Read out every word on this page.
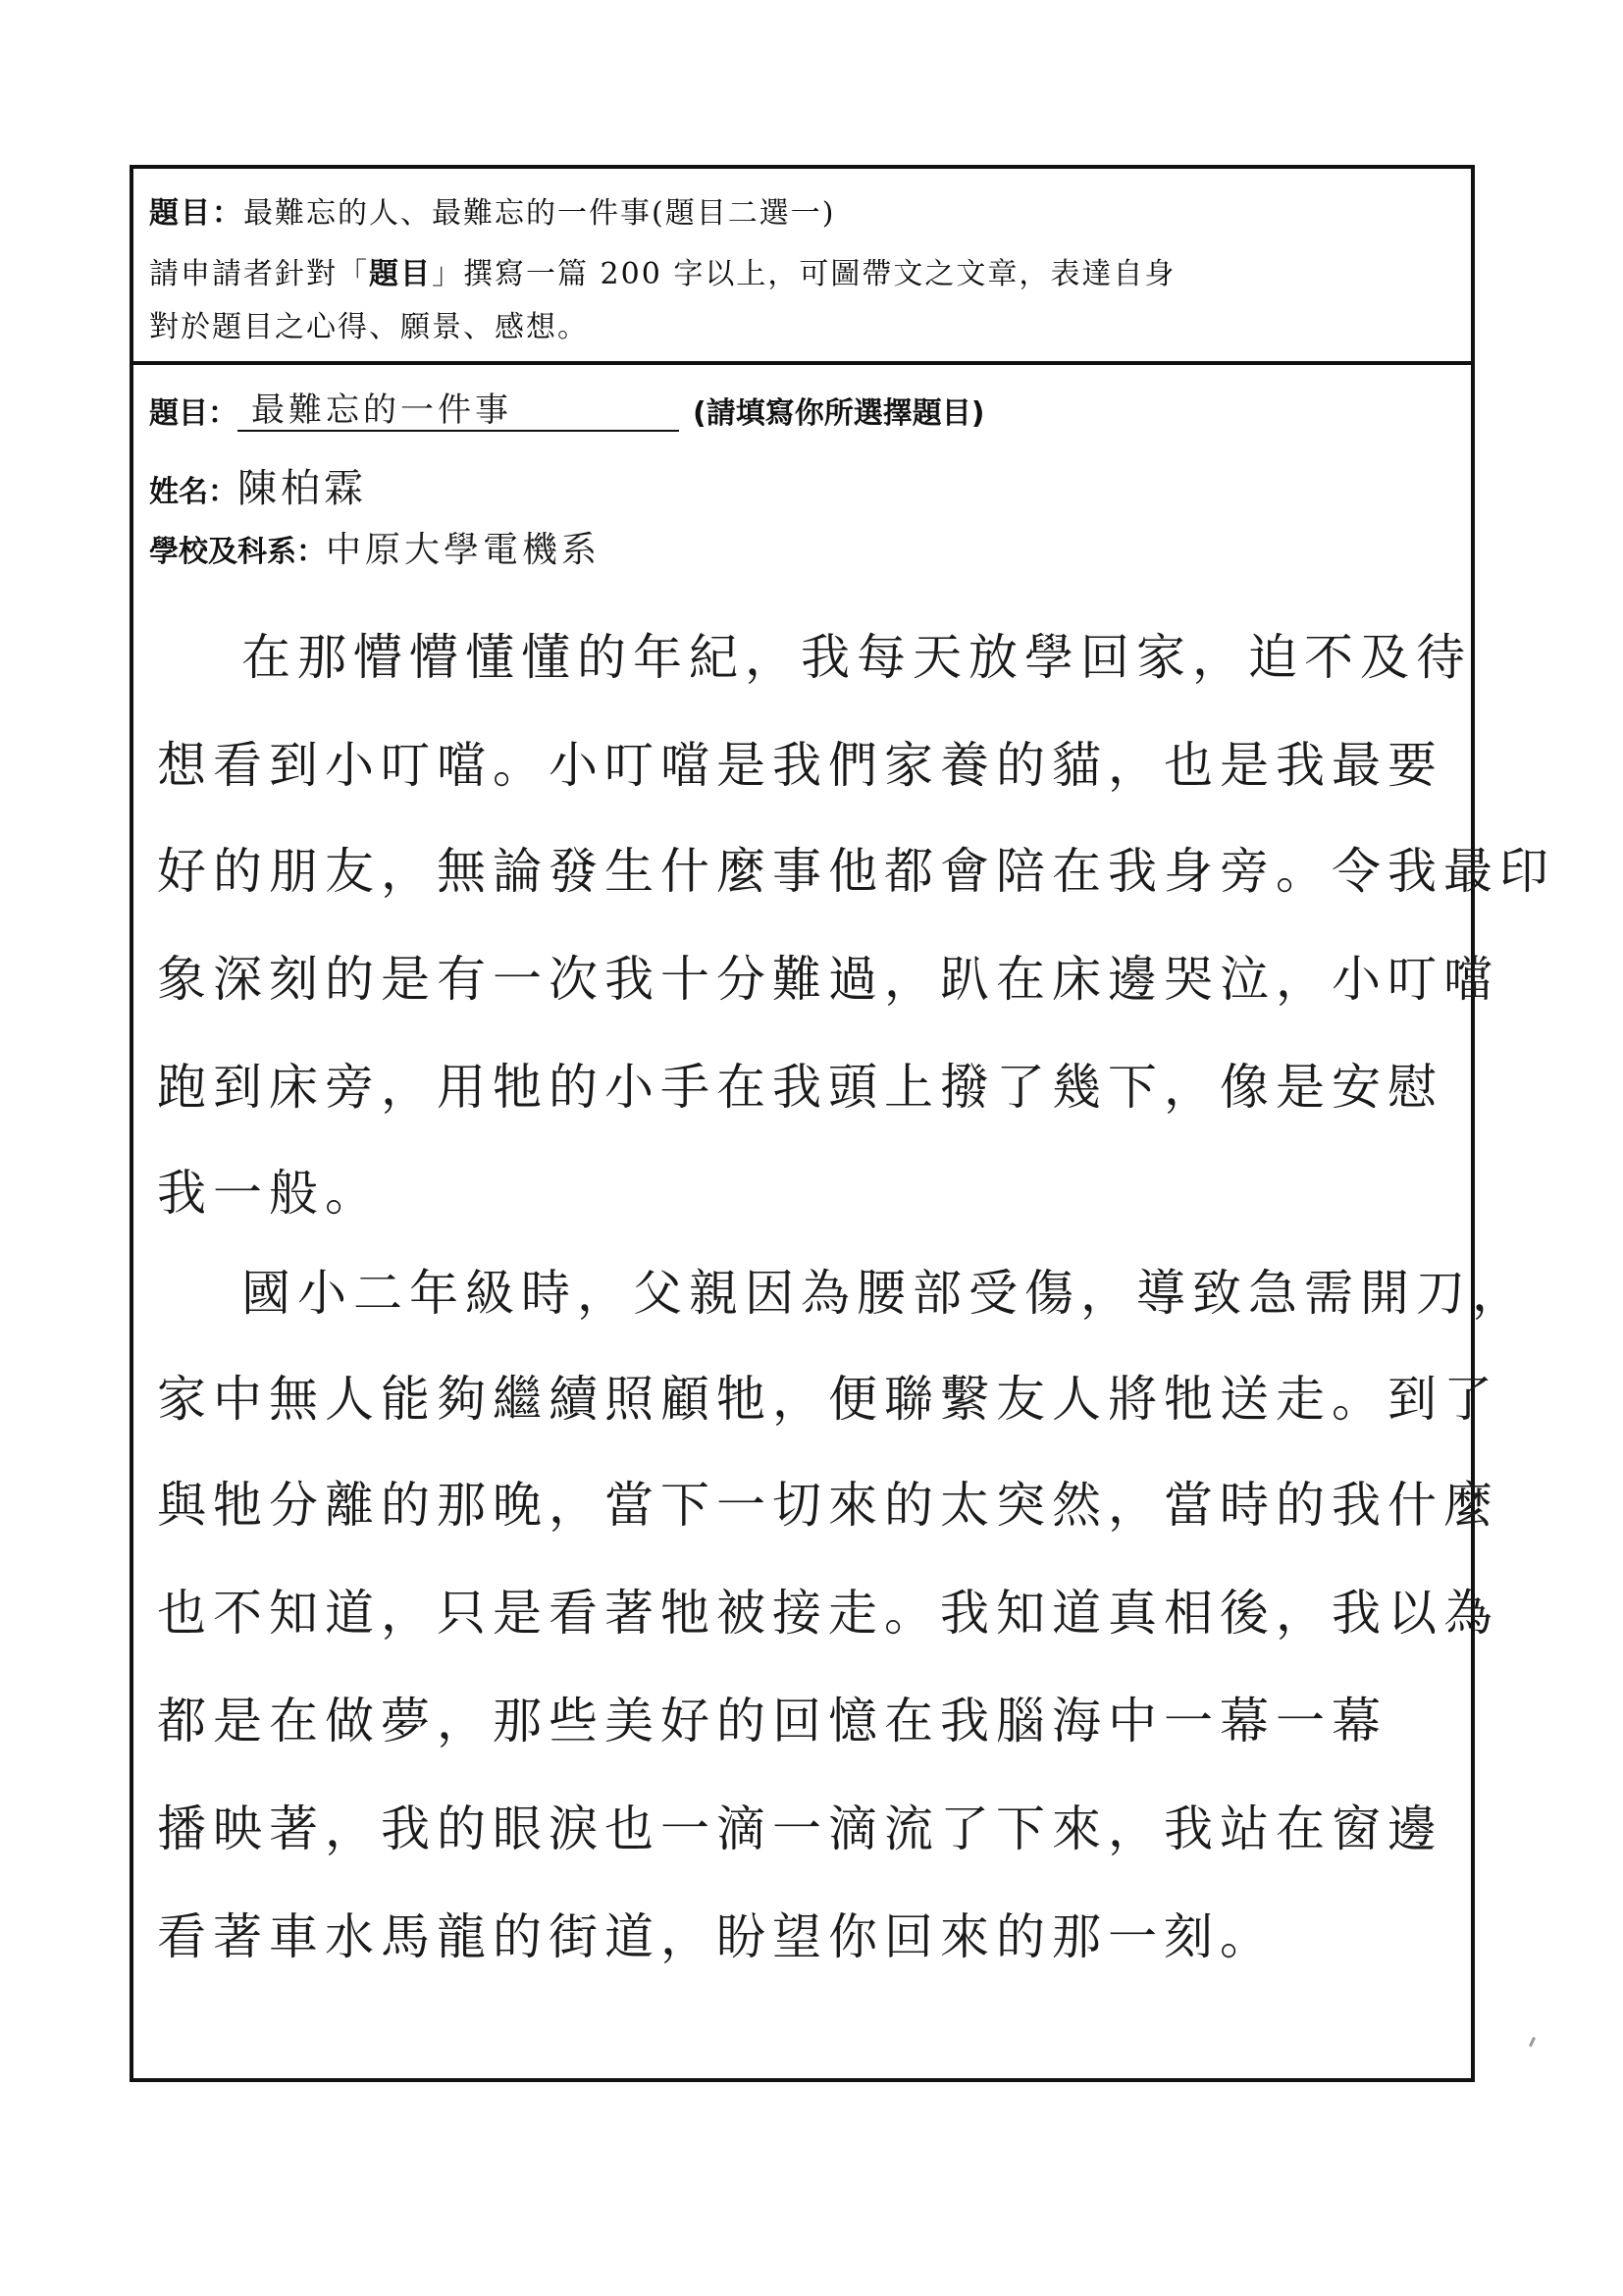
題目：最難忘的人、最難忘的一件事(題目二選一)
請申請者針對「題目」撰寫一篇 200 字以上，可圖帶文之文章，表達自身
對於題目之心得、願景、感想。
題目： 最難忘的一件事	(請填寫你所選擇題目)
姓名：陳柏霖
學校及科系：中原大學電機系
在那懵懵懂懂的年紀，我每天放學回家，迫不及待
想看到小叮噹。小叮噹是我們家養的貓，也是我最要
好的朋友，無論發生什麼事他都會陪在我身旁。令我最印
象深刻的是有一次我十分難過，趴在床邊哭泣，小叮噹
跑到床旁，用牠的小手在我頭上撥了幾下，像是安慰
我一般。
國小二年級時，父親因為腰部受傷，導致急需開刀，
家中無人能夠繼續照顧牠，便聯繫友人將牠送走。到了
與牠分離的那晚，當下一切來的太突然，當時的我什麼
也不知道，只是看著牠被接走。我知道真相後，我以為
都是在做夢，那些美好的回憶在我腦海中一幕一幕
播映著，我的眼淚也一滴一滴流了下來，我站在窗邊
看著車水馬龍的街道，盼望你回來的那一刻。
